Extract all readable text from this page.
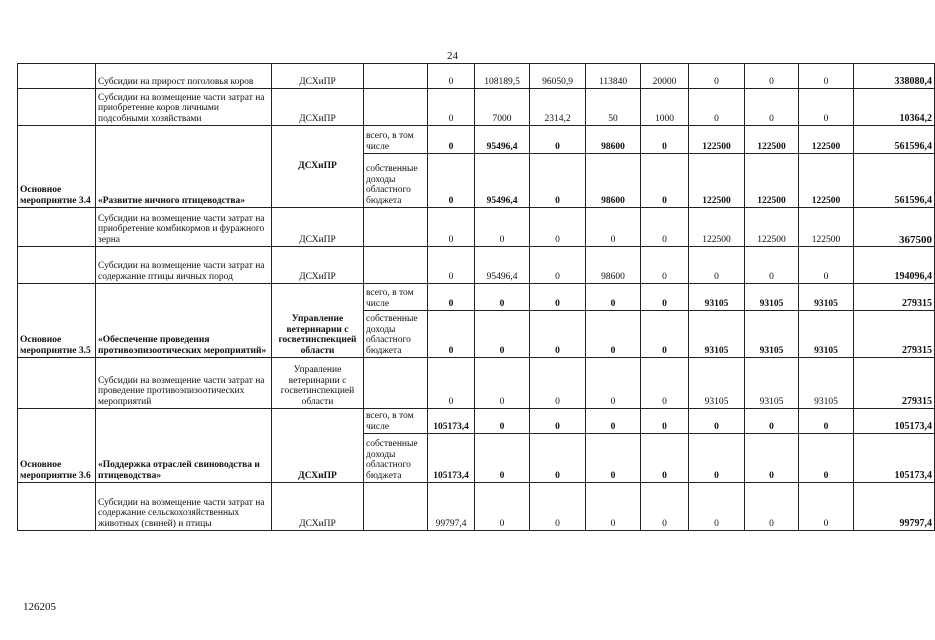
24
	Субсидии на прирост поголовья коров	ДСХиПР		0	108189,5	96050,9	113840	20000	0	0	0	338080,4
	Субсидии на возмещение части затрат на приобретение коров личными подсобными хозяйствами	ДСХиПР		0	7000	2314,2	50	1000	0	0	0	10364,2
Основное мероприятие 3.4	«Развитие яичного птицеводства»	ДСХиПР	всего, в том числе	0	95496,4	0	98600	0	122500	122500	122500	561596,4
			собственные доходы областного бюджета	0	95496,4	0	98600	0	122500	122500	122500	561596,4
	Субсидии на возмещение части затрат на приобретение комбикормов и фуражного зерна	ДСХиПР		0	0	0	0	0	122500	122500	122500	367500
	Субсидии на возмещение части затрат на содержание птицы яичных пород	ДСХиПР		0	95496,4	0	98600	0	0	0	0	194096,4
Основное мероприятие 3.5	«Обеспечение проведения противоэпизоотических мероприятий»	Управление ветеринарии с госветинспекцией области	всего, в том числе	0	0	0	0	0	93105	93105	93105	279315
			собственные доходы областного бюджета	0	0	0	0	0	93105	93105	93105	279315
	Субсидии на возмещение части затрат на проведение противоэпизоотических мероприятий	Управление ветеринарии с госветинспекцией области		0	0	0	0	0	93105	93105	93105	279315
Основное мероприятие 3.6	«Поддержка отраслей свиноводства и птицеводства»	ДСХиПР	всего, в том числе	105173,4	0	0	0	0	0	0	0	105173,4
			собственные доходы областного бюджета	105173,4	0	0	0	0	0	0	0	105173,4
	Субсидии на возмещение части затрат на содержание сельскохозяйственных животных (свиней) и птицы	ДСХиПР		99797,4	0	0	0	0	0	0	0	99797,4
126205
